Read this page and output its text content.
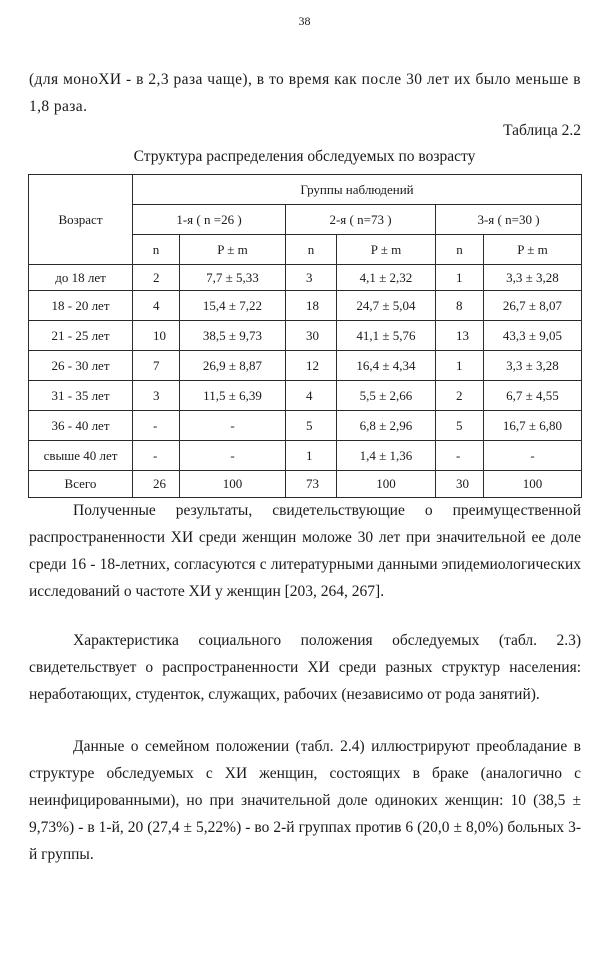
38

(для моноХИ - в 2,3 раза чаще), в то время как после 30 лет их было меньше в 1,8 раза.

Таблица 2.2
Структура распределения обследуемых по возрасту
Возраст	Группы наблюдений					
	1-я ( n =26 )		2-я ( n=73 )		3-я ( n=30 )	
	n	P ± m	n	P ± m	n	P ± m
до 18 лет	2	7,7 ± 5,33	3	4,1 ± 2,32	1	3,3 ± 3,28
18 - 20 лет	4	15,4 ± 7,22	18	24,7 ± 5,04	8	26,7 ± 8,07
21 - 25 лет	10	38,5 ± 9,73	30	41,1 ± 5,76	13	43,3 ± 9,05
26 - 30 лет	7	26,9 ± 8,87	12	16,4 ± 4,34	1	3,3 ± 3,28
31 - 35 лет	3	11,5 ± 6,39	4	5,5 ± 2,66	2	6,7 ± 4,55
36 - 40 лет	-	-	5	6,8 ± 2,96	5	16,7 ± 6,80
свыше 40 лет	-	-	1	1,4 ± 1,36	-	-
Всего	26	100	73	100	30	100

Полученные результаты, свидетельствующие о преимущественной распространенности ХИ среди женщин моложе 30 лет при значительной ее доле среди 16 - 18-летних, согласуются с литературными данными эпидемиологических исследований о частоте ХИ у женщин [203, 264, 267].

Характеристика социального положения обследуемых (табл. 2.3) свидетельствует о распространенности ХИ среди разных структур населения: неработающих, студенток, служащих, рабочих (независимо от рода занятий).

Данные о семейном положении (табл. 2.4) иллюстрируют преобладание в структуре обследуемых с ХИ женщин, состоящих в браке (аналогично с неинфицированными), но при значительной доле одиноких женщин: 10 (38,5 ± 9,73%) - в 1-й, 20 (27,4 ± 5,22%) - во 2-й группах против 6 (20,0 ± 8,0%) больных 3-й группы.
